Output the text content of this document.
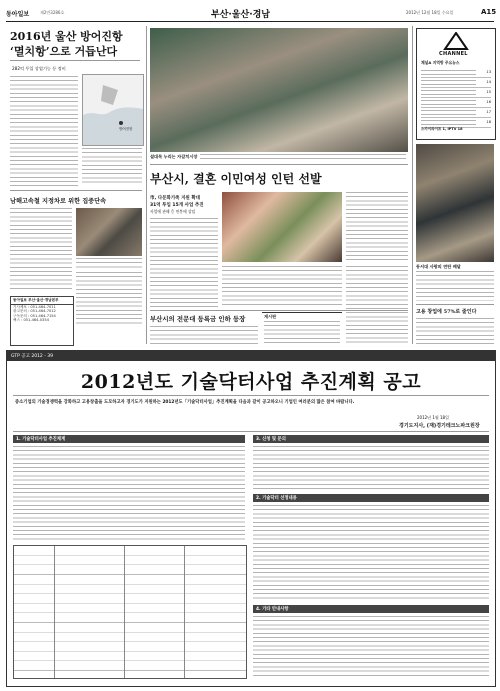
동아일보	제2만3286호	부산·울산·경남	2012년 12월 18일 수요일	A15
2016년 울산 방어진항
‘멸치항’으로 거듭난다
282억 투입 상업기능 등 정비
방어진항
남해고속철 지정차로 위한 집중단속
동아일보 부산·울산·경남본부
기사제보 : 051-464-7011
광고문의 : 051-464-7012
구독문의 : 051-464-7154
팩스 : 051-464-0354
설대목 누리는 자갈치시장
부산시, 결혼 이민여성 인턴 선발
市, 다문화가족 지원 확대
31억 투입 15개 사업 추진
사업에 관해 응 연봉에 상임
부산시의 전문대 등록금 인하 등장	게시판
CHANNEL
채널A 지역방 주요뉴스
13
14
15
16
17
18
스카이라이프 1, IPTV 18
동서대 사랑의 연탄 배달
고용 창업에 57%로 줄인다
GTP 공고 2012 - 39
2012년도 기술닥터사업 추진계획 공고
중소기업의 기술경쟁력을 강화하고 고용창출을 도모하고자 경기도가 지원하는 2012년도「기술닥터사업」추진계획을 다음과 같이 공고하오니 기업인 여러분의 많은 참여 바랍니다.
2012년 1월 18일
경기도지사, (재)경기테크노파크원장
1. 기술닥터사업 추진체계	3. 신청 및 문의
2. 기술닥터 선정내용
4. 기타 안내사항
